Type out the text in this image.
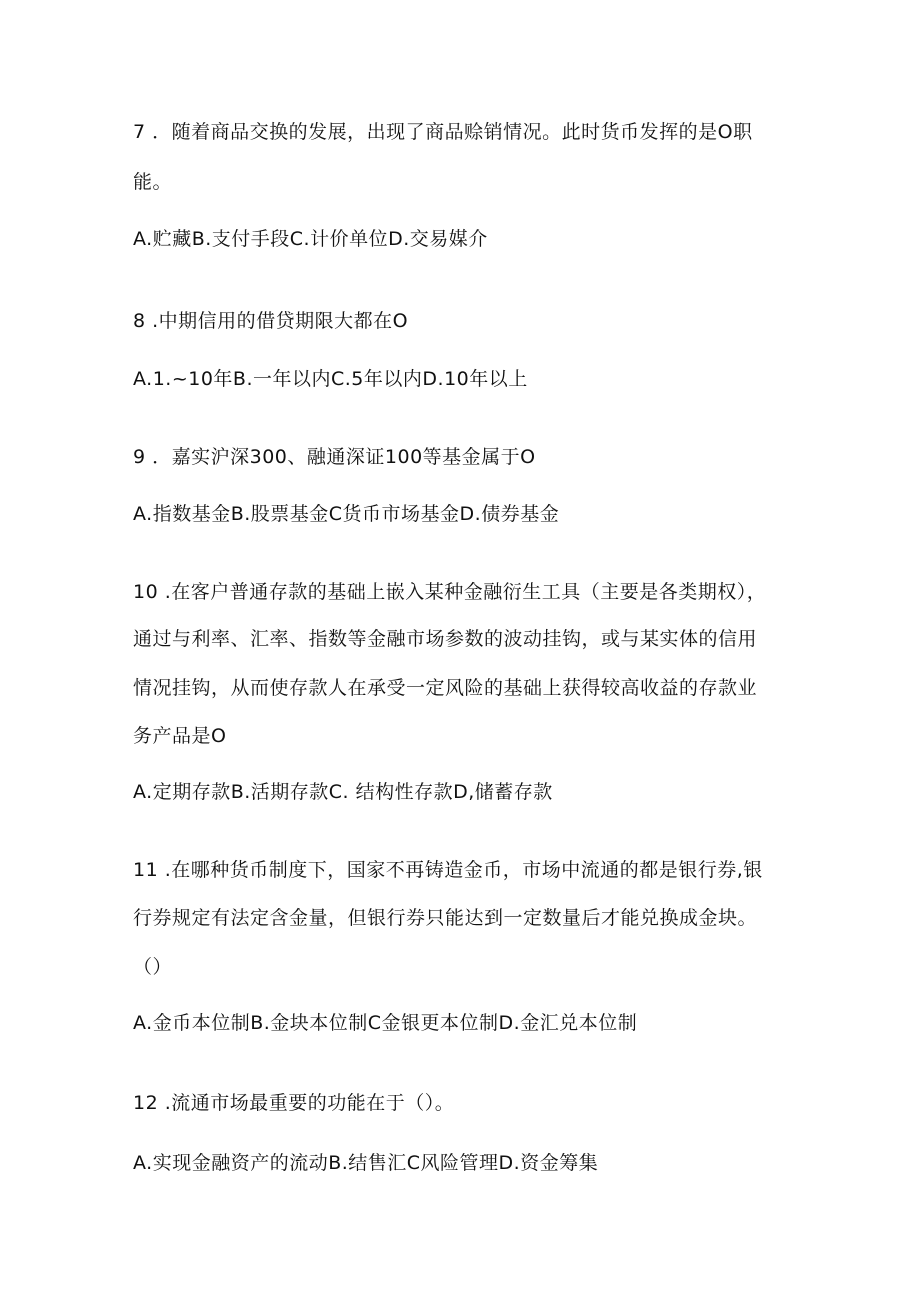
7 ．随着商品交换的发展，出现了商品赊销情况。此时货币发挥的是O职
能。
A.贮藏B.支付手段C.计价单位D.交易媒介
8 .中期信用的借贷期限大都在O
A.1.~10年B.一年以内C.5年以内D.10年以上
9 ．嘉实沪深300、融通深证100等基金属于O
A.指数基金B.股票基金C货币市场基金D.债券基金
10 .在客户普通存款的基础上嵌入某种金融衍生工具（主要是各类期权），
通过与利率、汇率、指数等金融市场参数的波动挂钩，或与某实体的信用
情况挂钩，从而使存款人在承受一定风险的基础上获得较高收益的存款业
务产品是O
A.定期存款B.活期存款C. 结构性存款D,储蓄存款
11 .在哪种货币制度下，国家不再铸造金币，市场中流通的都是银行券,银
行券规定有法定含金量，但银行券只能达到一定数量后才能兑换成金块。
（）
A.金币本位制B.金块本位制C金银更本位制D.金汇兑本位制
12 .流通市场最重要的功能在于（）。
A.实现金融资产的流动B.结售汇C风险管理D.资金筹集
